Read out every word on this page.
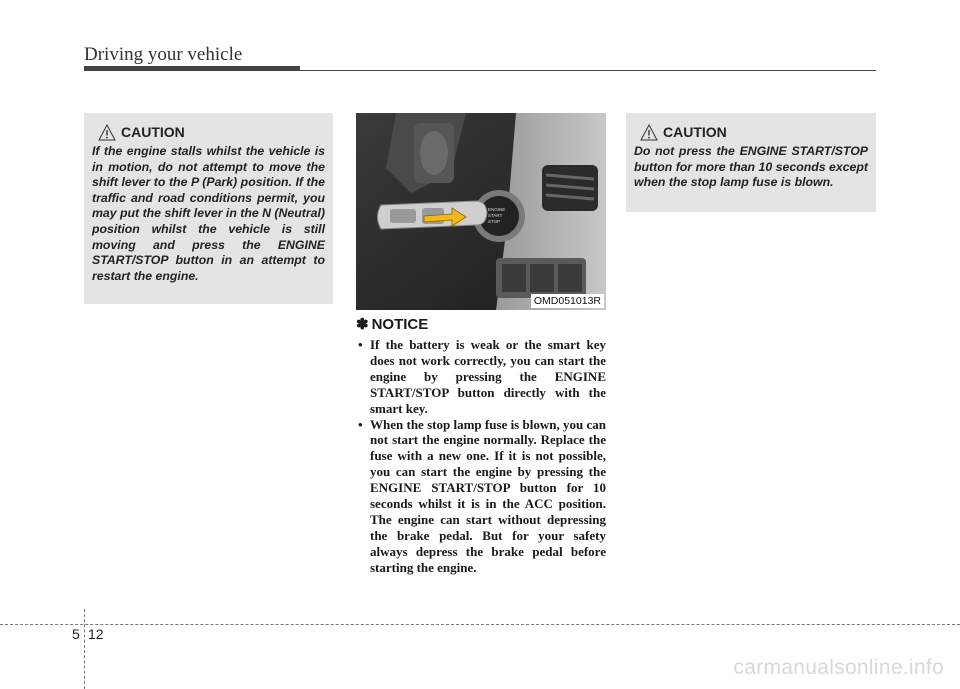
Driving your vehicle
CAUTION
If the engine stalls whilst the vehicle is in motion, do not attempt to move the shift lever to the P (Park) position. If the traffic and road conditions permit, you may put the shift lever in the N (Neutral) position whilst the vehicle is still moving and press the ENGINE START/STOP button in an attempt to restart the engine.
ENGINE
START
STOP
OMD051013R
✽ NOTICE
• If the battery is weak or the smart key does not work correctly, you can start the engine by pressing the ENGINE START/STOP button directly with the smart key.
• When the stop lamp fuse is blown, you can not start the engine normally. Replace the fuse with a new one. If it is not possible, you can start the engine by pressing the ENGINE START/STOP button for 10 seconds whilst it is in the ACC position. The engine can start without depressing the brake pedal. But for your safety always depress the brake pedal before starting the engine.
CAUTION
Do not press the ENGINE START/STOP button for more than 10 seconds except when the stop lamp fuse is blown.
5 12
carmanualsonline.info
